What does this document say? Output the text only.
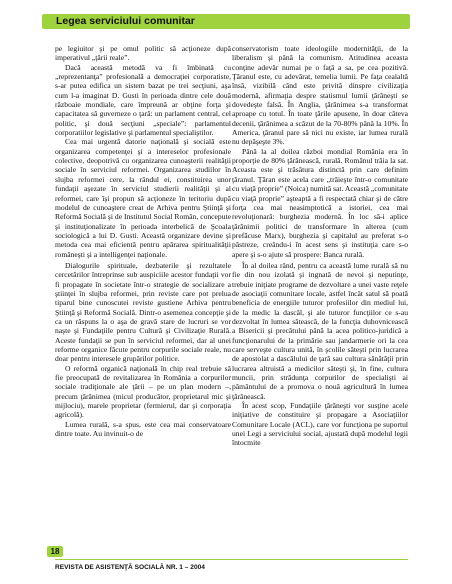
Legea serviciului comunitar

pe legiuitor şi pe omul politic să acţioneze după imperativul „ţării reale”.

Dacă această metodă va fi îmbinată cu „reprezentanţa” profesională a democraţiei corporatiste, s-ar putea edifica un sistem bazat pe trei secţiuni, aşa cum l-a imaginat D. Gusti în perioada dintre cele două războaie mondiale, care împreună ar obţine forţa şi capacitatea să guverneze o ţară: un parlament central, cel politic, şi două secţiuni „speciale”: parlamentul corporatiilor legislative şi parlamentul specialiştilor.

Cea mai urgentă datorie naţională şi socială este organizarea competenţei şi a intereselor profesionale colective, deopotrivă cu organizarea cunoaşterii realităţii sociale în serviciul reformei. Organizarea studiilor în slujba reformei cere, la rândul ei, constituirea unor fundaţii aşezate în serviciul studierii realităţii şi al reformei, care îşi propun să acţioneze în teritoriu după modelul de cunoaştere creat de Arhiva pentru Ştiinţă şi Reformă Socială şi de Institutul Social Român, concepute şi instituţionalizate în perioada interbelică de Şcoala sociologică a lui D. Gusti. Această organizare devine şi metoda cea mai eficientă pentru apărarea spiritualităţii româneşti şi a intelligenţei naţionale.

Dialogurile spirituale, dezbaterile şi rezultatele cercetărilor întreprinse sub auspiciile acestor fundaţii vor fi propagate în societate într-o strategie de socializare a ştiinţei în slujba reformei, prin reviste care pot prelua tiparul bine cunoscutei reviste gustiene Arhiva pentru Ştiinţă şi Reformă Socială. Dintr-o asemenea concepţie şi ca un răspuns la o aşa de gravă stare de lucruri se vor naşte şi Fundaţiile pentru Cultură şi Civilizaţie Rurală. Aceste fundaţii se pun în serviciul reformei, dar al unei reforme organice făcute pentru corpurile sociale reale, nu doar pentru interesele grupărilor politice.

O reformă organică naţională în chip real trebuie să fie preocupată de revitalizarea în România a corpurilor sociale tradiţionale ale ţării – pe un plan modern –, precum ţărănimea (micul producător, proprietarul mic şi mijlociu), marele proprietar (fermierul, dar şi corporaţia agricolă).

Lumea rurală, s-a spus, este cea mai conservatoare dintre toate. Au invinuit-o de

conservatorism toate ideologiile modernităţii, de la liberalism şi până la comunism. Atitudinea aceasta conţine adevăr numai pe o faţă a sa, pe cea pozitivă. Ţăranul este, cu adevărat, temelia lumii. Pe faţa cealaltă însă, vizibilă când este privită dinspre civilizaţia modernă, afirmaţia despre statismul lumii ţărăneşti se dovedeşte falsă. În Anglia, ţărănimea s-a transformat aproape cu totul. În toate ţările apusene, în doar câteva decenii, ţărănimea a scăzut de la 70-80% până la 10%. În America, ţăranul pare să nici nu existe, iar lumea rurală nu depăşeşte 3%.

Până la al doilea război mondial România era în proporţie de 80% ţărănească, rurală. Românul trăia la sat. Aceasta este şi trăsătura distinctă prin care definim ţăranul. Ţăran este acela care „trăieşte într-o comunitate cu viaţă proprie” (Noica) numită sat. Această „comunitate cu viaţă proprie” aşteaptă a fi respectată chiar şi de către forţa cea mai neasimptotică a istoriei, cea mai revoluţionară: burghezia modernă. În loc să-i aplice ţărănimii politici de transformare în alterea (cum prefăcuse Marx), burghezia şi capitalul au preferat s-o păstreze, creându-i în acest sens şi instituţia care s-o apere şi s-o ajute să prospere: Banca rurală.

În al doilea rând, pentru ca această lume rurală să nu fie din nou izolată şi ingnată de nevoi şi neputinţe, trebuie iniţiate programe de dezvoltare a unei vaste reţele de asociaţii comunitare locale, astfel încât satul să poată beneficia de energiile tuturor profesiilor din mediul lui, de la medic la dascăl, şi ale tuturor funcţiilor ce s-au dezvoltat în lumea sătească, de la funcţia duhovnicească a Bisericii şi precătului până la acea politico-juridică a funcţionarului de la primărie sau jandarmerie ori la cea care serveşte cultura unită, în şcolile săteşti prin lucrarea de apostolat a dascălului de ţară sau cultura sănătăţii prin lucrarea altruistă a medicilor săteşti şi, în fine, cultura muncii, prin strădunţa corpurilor de specialişti ai pământului de a promova o nouă agricultură în lumea ţărănească.

În acest scop, Fundaţiile ţărăneşti vor susţine acele iniţiative de constituire şi propagare a Asociaţiilor Comunitare Locale (ACL), care vor funcţiona pe suportul unei Legi a serviciului social, ajustată după modelul legii întocmite

18
REVISTA DE ASISTENŢĂ SOCIALĂ NR. 1 – 2004
